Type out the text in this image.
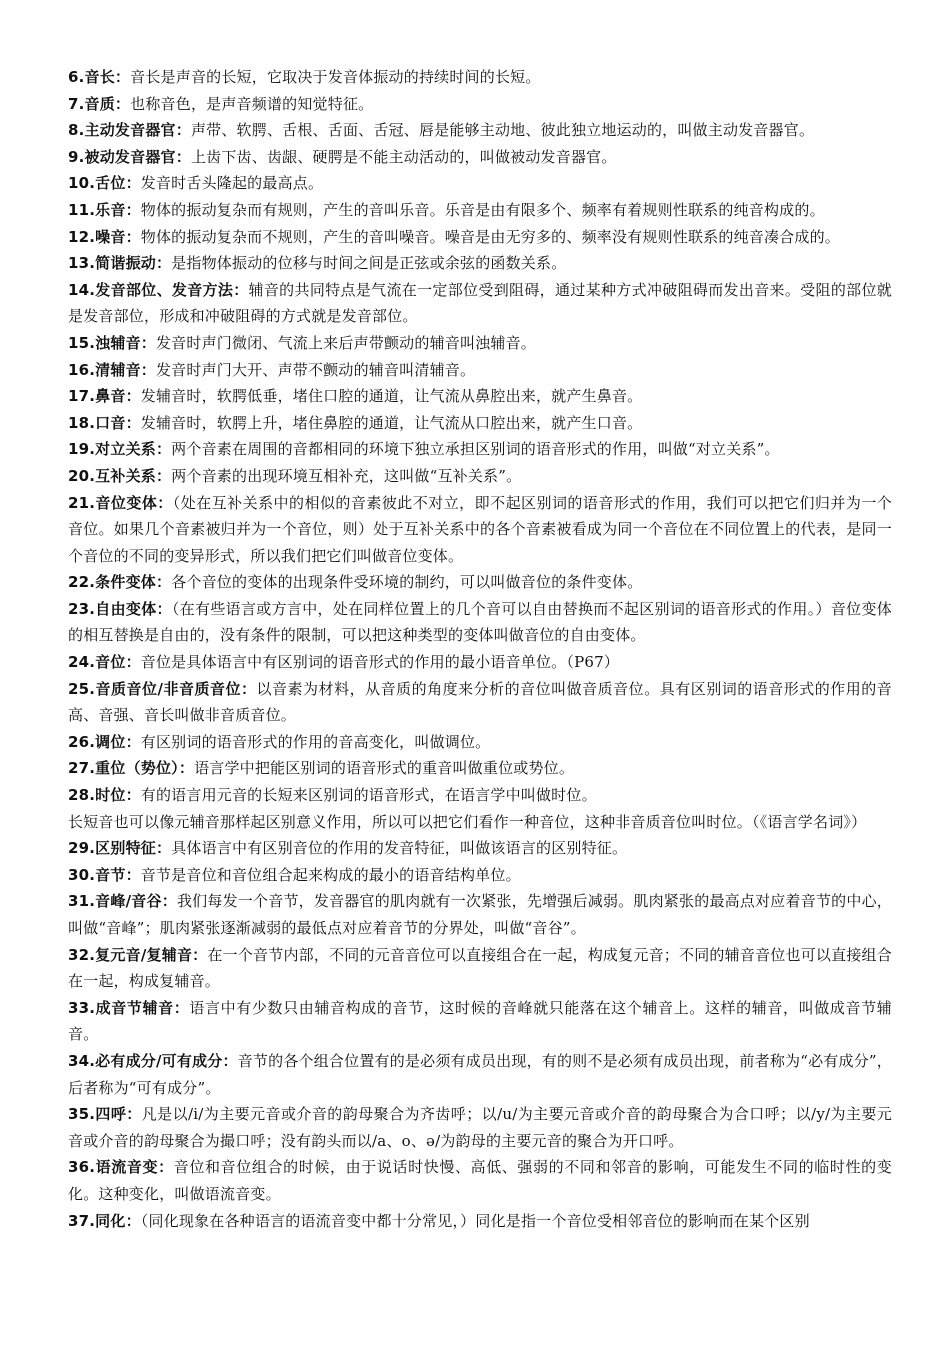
6.音长：音长是声音的长短，它取决于发音体振动的持续时间的长短。

7.音质：也称音色，是声音频谱的知觉特征。

8.主动发音器官：声带、软腭、舌根、舌面、舌冠、唇是能够主动地、彼此独立地运动的，叫做主动发音器官。

9.被动发音器官：上齿下齿、齿龈、硬腭是不能主动活动的，叫做被动发音器官。

10.舌位：发音时舌头隆起的最高点。

11.乐音：物体的振动复杂而有规则，产生的音叫乐音。乐音是由有限多个、频率有着规则性联系的纯音构成的。

12.噪音：物体的振动复杂而不规则，产生的音叫噪音。噪音是由无穷多的、频率没有规则性联系的纯音凑合成的。

13.简谐振动：是指物体振动的位移与时间之间是正弦或余弦的函数关系。

14.发音部位、发音方法：辅音的共同特点是气流在一定部位受到阻碍，通过某种方式冲破阻碍而发出音来。受阻的部位就是发音部位，形成和冲破阻碍的方式就是发音部位。

15.浊辅音：发音时声门微闭、气流上来后声带颤动的辅音叫浊辅音。

16.清辅音：发音时声门大开、声带不颤动的辅音叫清辅音。

17.鼻音：发辅音时，软腭低垂，堵住口腔的通道，让气流从鼻腔出来，就产生鼻音。

18.口音：发辅音时，软腭上升，堵住鼻腔的通道，让气流从口腔出来，就产生口音。

19.对立关系：两个音素在周围的音都相同的环境下独立承担区别词的语音形式的作用，叫做“对立关系”。

20.互补关系：两个音素的出现环境互相补充，这叫做“互补关系”。

21.音位变体：（处在互补关系中的相似的音素彼此不对立，即不起区别词的语音形式的作用，我们可以把它们归并为一个音位。如果几个音素被归并为一个音位，则）处于互补关系中的各个音素被看成为同一个音位在不同位置上的代表，是同一个音位的不同的变异形式，所以我们把它们叫做音位变体。

22.条件变体：各个音位的变体的出现条件受环境的制约，可以叫做音位的条件变体。

23.自由变体：（在有些语言或方言中，处在同样位置上的几个音可以自由替换而不起区别词的语音形式的作用。）音位变体的相互替换是自由的，没有条件的限制，可以把这种类型的变体叫做音位的自由变体。

24.音位：音位是具体语言中有区别词的语音形式的作用的最小语音单位。（P67）

25.音质音位/非音质音位：以音素为材料，从音质的角度来分析的音位叫做音质音位。具有区别词的语音形式的作用的音高、音强、音长叫做非音质音位。

26.调位：有区别词的语音形式的作用的音高变化，叫做调位。

27.重位（势位）：语言学中把能区别词的语音形式的重音叫做重位或势位。

28.时位：有的语言用元音的长短来区别词的语音形式，在语言学中叫做时位。

长短音也可以像元辅音那样起区别意义作用，所以可以把它们看作一种音位，这种非音质音位叫时位。（《语言学名词》）

29.区别特征：具体语言中有区别音位的作用的发音特征，叫做该语言的区别特征。

30.音节：音节是音位和音位组合起来构成的最小的语音结构单位。

31.音峰/音谷：我们每发一个音节，发音器官的肌肉就有一次紧张，先增强后减弱。肌肉紧张的最高点对应着音节的中心，叫做“音峰”；肌肉紧张逐渐减弱的最低点对应着音节的分界处，叫做“音谷”。

32.复元音/复辅音：在一个音节内部，不同的元音音位可以直接组合在一起，构成复元音；不同的辅音音位也可以直接组合在一起，构成复辅音。

33.成音节辅音：语言中有少数只由辅音构成的音节，这时候的音峰就只能落在这个辅音上。这样的辅音，叫做成音节辅音。

34.必有成分/可有成分：音节的各个组合位置有的是必须有成员出现，有的则不是必须有成员出现，前者称为“必有成分”，后者称为“可有成分”。

35.四呼：凡是以/i/为主要元音或介音的韵母聚合为齐齿呼；以/u/为主要元音或介音的韵母聚合为合口呼；以/y/为主要元音或介音的韵母聚合为撮口呼；没有韵头而以/a、o、ə/为韵母的主要元音的聚合为开口呼。

36.语流音变：音位和音位组合的时候，由于说话时快慢、高低、强弱的不同和邻音的影响，可能发生不同的临时性的变化。这种变化，叫做语流音变。

37.同化：（同化现象在各种语言的语流音变中都十分常见，）同化是指一个音位受相邻音位的影响而在某个区别
